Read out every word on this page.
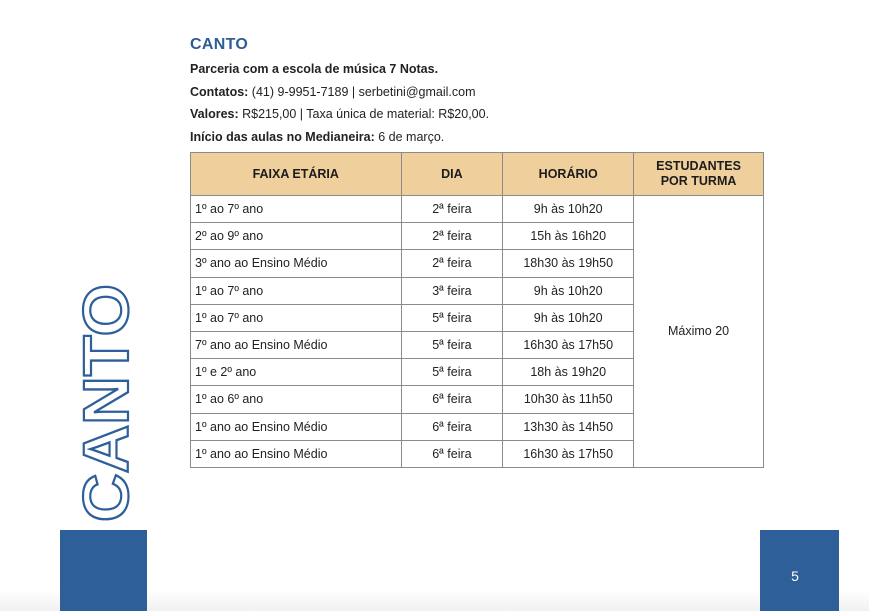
CANTO
Parceria com a escola de música 7 Notas.
Contatos: (41) 9-9951-7189 | serbetini@gmail.com
Valores: R$215,00 | Taxa única de material: R$20,00.
Início das aulas no Medianeira: 6 de março.
FAIXA ETÁRIA	DIA	HORÁRIO	ESTUDANTES
POR TURMA
1º ao 7º ano	2ª feira	9h às 10h20	Máximo 20
2º ao 9º ano	2ª feira	15h às 16h20	
3º ano ao Ensino Médio	2ª feira	18h30 às 19h50	
1º ao 7º ano	3ª feira	9h às 10h20	
1º ao 7º ano	5ª feira	9h às 10h20	
7º ano ao Ensino Médio	5ª feira	16h30 às 17h50	
1º e 2º ano	5ª feira	18h às 19h20	
1º ao 6º ano	6ª feira	10h30 às 11h50	
1º ano ao Ensino Médio	6ª feira	13h30 às 14h50	
1º ano ao Ensino Médio	6ª feira	16h30 às 17h50	
CANTO
5
